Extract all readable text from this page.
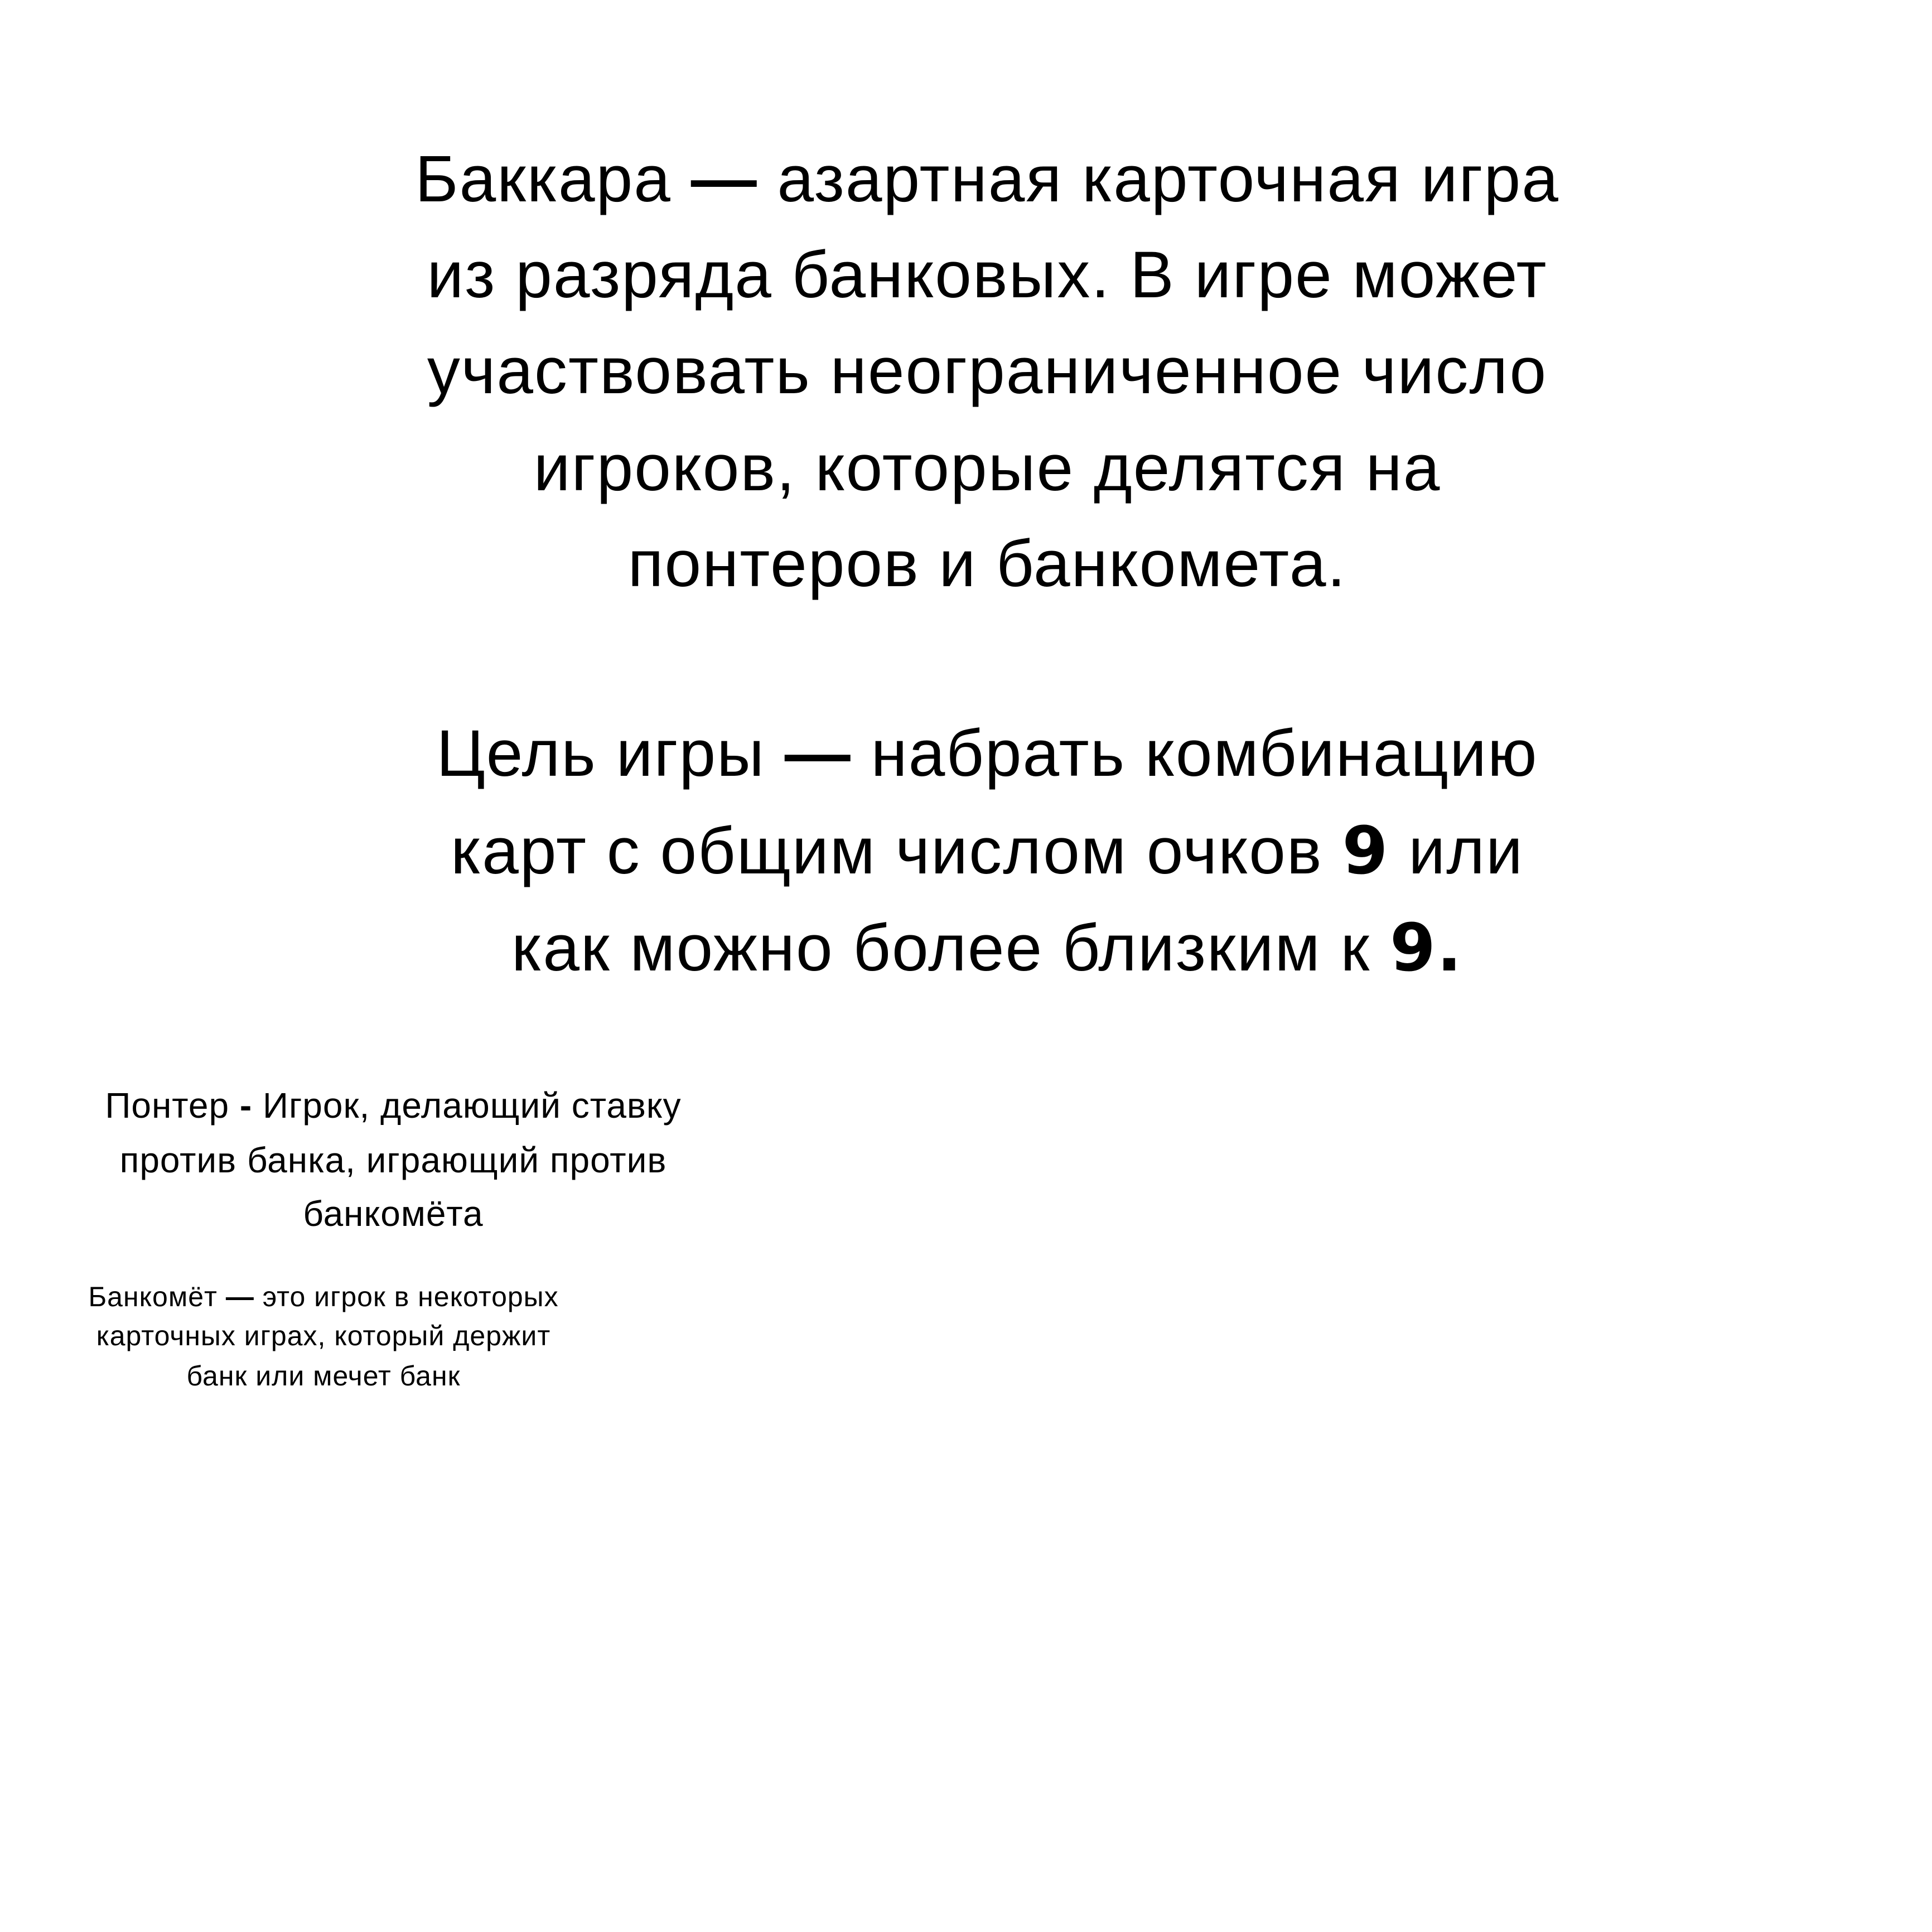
Баккара — азартная карточная игра

из разряда банковых. В игре может

участвовать неограниченное число

игроков, которые делятся на

понтеров и банкомета.

Цель игры — набрать комбинацию

карт с общим числом очков 9 или

как можно более близким к 9.

Понтер - Игрок, делающий ставку

против банка, играющий против

банкомёта

Банкомёт — это игрок в некоторых

карточных играх, который держит

банк или мечет банк
